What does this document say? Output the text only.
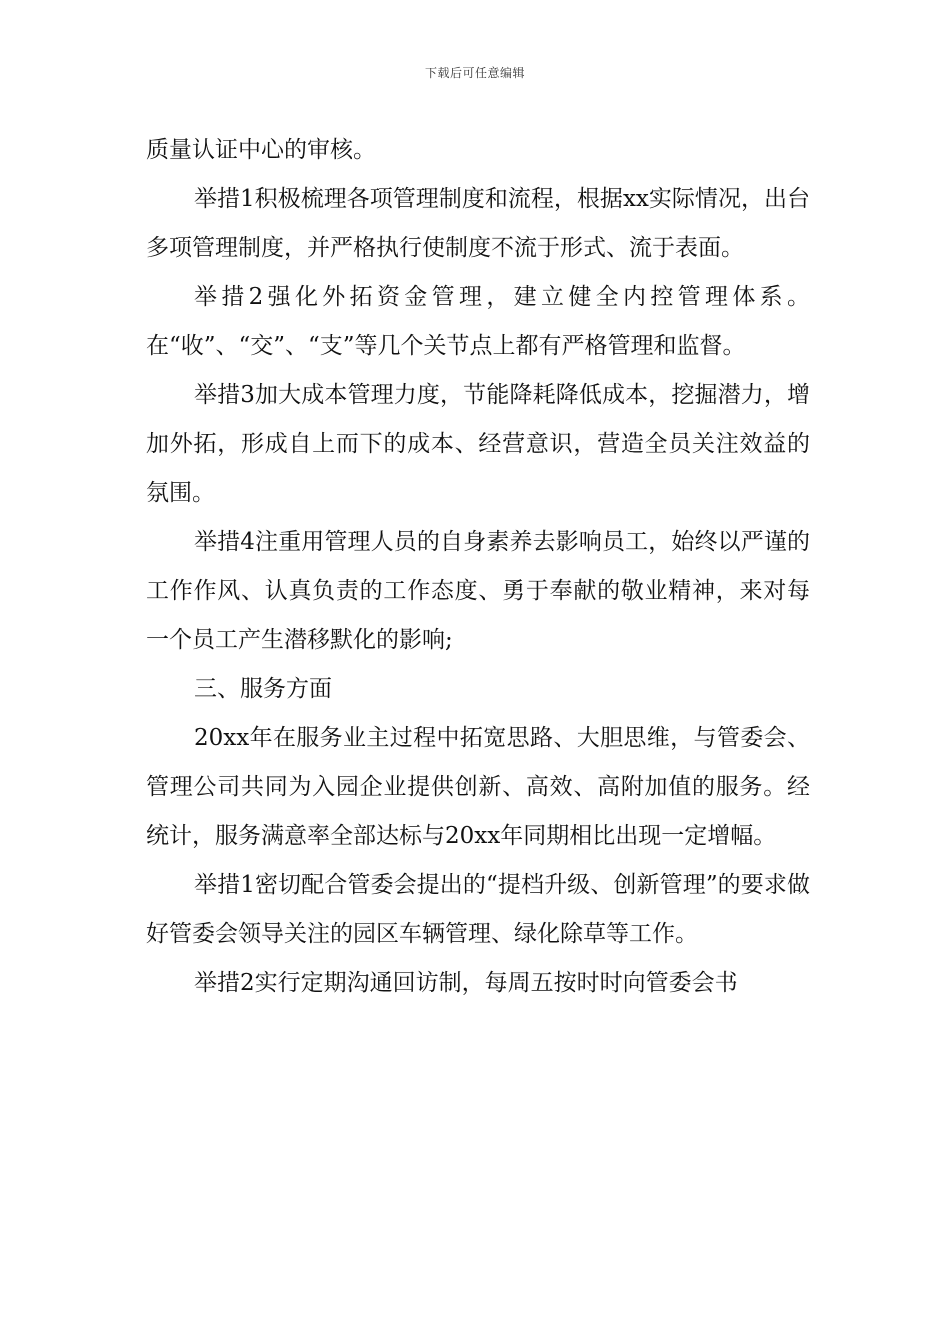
下载后可任意编辑

质量认证中心的审核。

举措1积极梳理各项管理制度和流程，根据xx实际情况，出台多项管理制度，并严格执行使制度不流于形式、流于表面。

举措2强化外拓资金管理，建立健全内控管理体系。在“收”、“交”、“支”等几个关节点上都有严格管理和监督。

举措3加大成本管理力度，节能降耗降低成本，挖掘潜力，增加外拓，形成自上而下的成本、经营意识，营造全员关注效益的氛围。

举措4注重用管理人员的自身素养去影响员工，始终以严谨的工作作风、认真负责的工作态度、勇于奉献的敬业精神，来对每一个员工产生潜移默化的影响;

三、服务方面

20xx年在服务业主过程中拓宽思路、大胆思维，与管委会、管理公司共同为入园企业提供创新、高效、高附加值的服务。经统计，服务满意率全部达标与20xx年同期相比出现一定增幅。

举措1密切配合管委会提出的“提档升级、创新管理”的要求做好管委会领导关注的园区车辆管理、绿化除草等工作。

举措2实行定期沟通回访制，每周五按时时向管委会书
